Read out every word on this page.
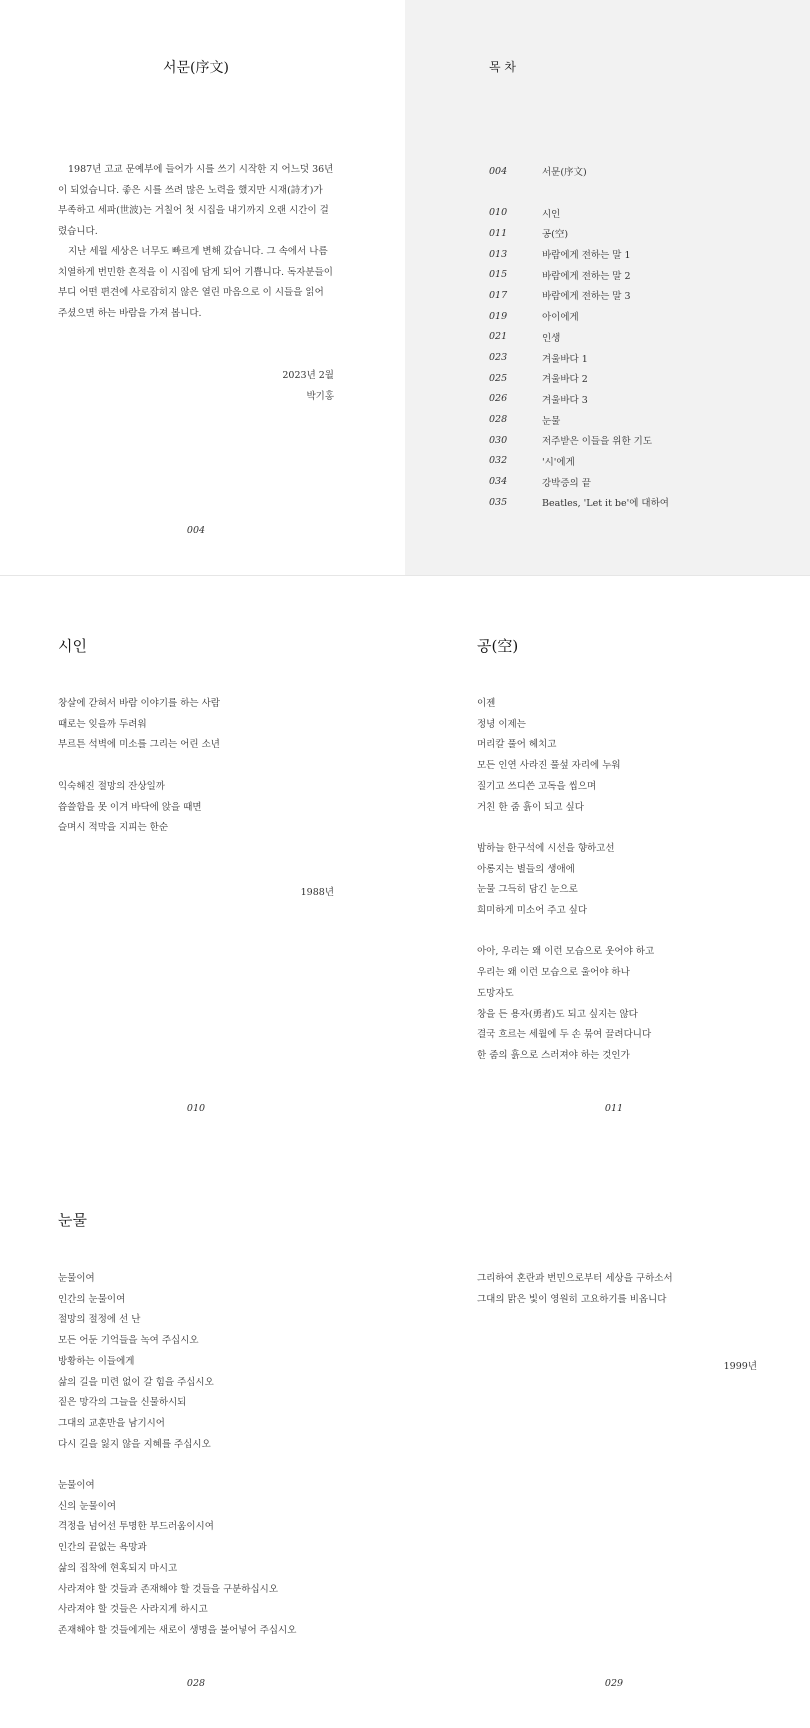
서문(序文)

1987년 고교 문예부에 들어가 시를 쓰기 시작한 지 어느덧 36년이 되었습니다. 좋은 시를 쓰려 많은 노력을 했지만 시재(詩才)가 부족하고 세파(世波)는 거칠어 첫 시집을 내기까지 오랜 시간이 걸렸습니다.

지난 세월 세상은 너무도 빠르게 변해 갔습니다. 그 속에서 나름 치열하게 번민한 흔적을 이 시집에 담게 되어 기쁩니다. 독자분들이 부디 어떤 편견에 사로잡히지 않은 열린 마음으로 이 시들을 읽어 주셨으면 하는 바람을 가져 봅니다.

2023년 2월
박기홍
004
목 차
004	서문(序文)
010	시인
011	공(空)
013	바람에게 전하는 말 1
015	바람에게 전하는 말 2
017	바람에게 전하는 말 3
019	아이에게
021	인생
023	겨울바다 1
025	겨울바다 2
026	겨울바다 3
028	눈물
030	저주받은 이들을 위한 기도
032	'시'에게
034	강박증의 끝
035	Beatles, 'Let it be'에 대하여
시인
창살에 갇혀서 바람 이야기를 하는 사람
때로는 잊을까 두려워
부르튼 석벽에 미소를 그리는 어린 소년
익숙해진 절망의 잔상일까
씁쓸함을 못 이겨 바닥에 앉을 때면
슬며시 적막을 지피는 한순
1988년
010
공(空)
이젠
정녕 이제는
머리칼 풀어 헤치고
모든 인연 사라진 풀섶 자리에 누워
질기고 쓰디쓴 고독을 씹으며
거친 한 줌 흙이 되고 싶다
밤하늘 한구석에 시선을 향하고선
아롱지는 별들의 생애에
눈물 그득히 담긴 눈으로
희미하게 미소어 주고 싶다
아아, 우리는 왜 이런 모습으로 웃어야 하고
우리는 왜 이런 모습으로 울어야 하나
도망자도
창을 든 용자(勇者)도 되고 싶지는 않다
결국 흐르는 세월에 두 손 묶여 끌려다니다
한 줌의 흙으로 스러져야 하는 것인가
011
눈물
눈물이여
인간의 눈물이여
절망의 절정에 선 난
모든 어둔 기억들을 녹여 주십시오
방황하는 이들에게
삶의 길을 미련 없이 갈 힘을 주십시오
짙은 망각의 그늘을 신물하시되
그대의 교훈만을 남기시어
다시 길을 잃지 않을 지혜를 주십시오
눈물이여
신의 눈물이여
격정을 넘어선 투명한 부드러움이시여
인간의 끝없는 욕망과
삶의 집착에 현혹되지 마시고
사라져야 할 것들과 존재해야 할 것들을 구분하십시오
사라져야 할 것들은 사라지게 하시고
존재해야 할 것들에게는 새로이 생명을 불어넣어 주십시오
028
그리하여 혼란과 번민으로부터 세상을 구하소서
그대의 맑은 빛이 영원히 고요하기를 비옵니다
1999년
029
